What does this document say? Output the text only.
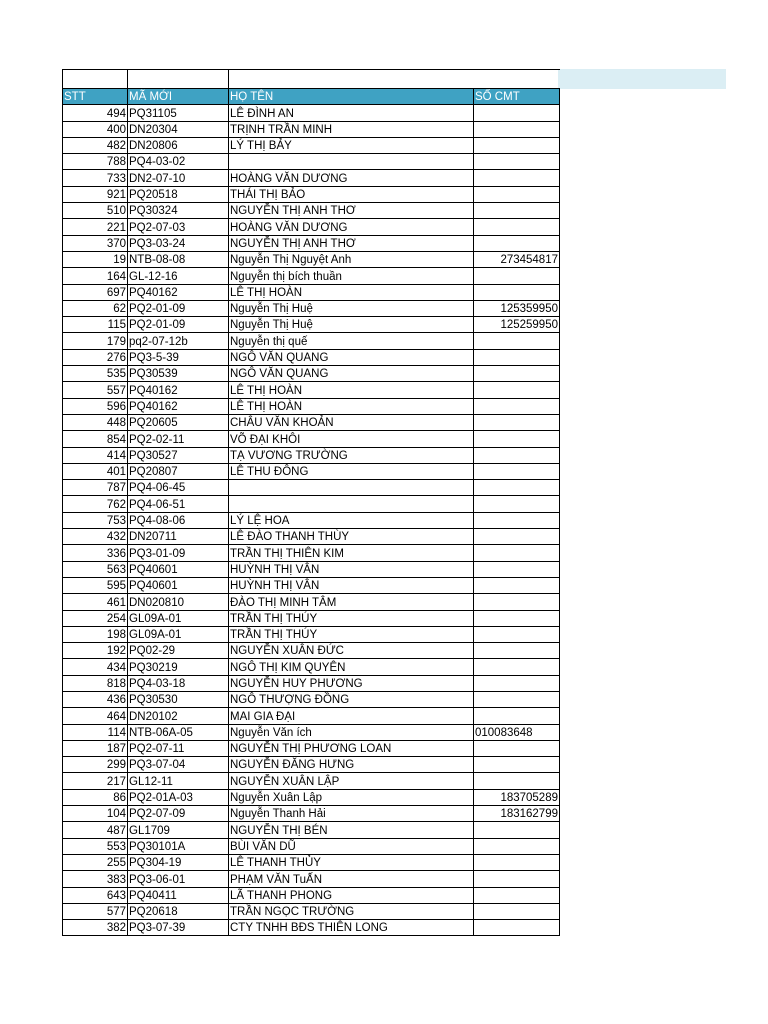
STT	MÃ MỚI	HỌ TÊN	SỐ CMT
494	PQ31105	LÊ ĐÌNH AN	
400	DN20304	TRỊNH TRẦN MINH	
482	DN20806	LÝ THỊ BẢY	
788	PQ4-03-02		
733	DN2-07-10	HOÀNG VĂN DƯƠNG	
921	PQ20518	THÁI THỊ BẢO	
510	PQ30324	NGUYỄN THỊ ANH THƠ	
221	PQ2-07-03	HOÀNG VĂN DƯƠNG	
370	PQ3-03-24	NGUYỄN THỊ ANH THƠ	
19	NTB-08-08	Nguyễn Thị Nguyệt Anh	273454817
164	GL-12-16	Nguyễn thị bích thuần	
697	PQ40162	LÊ THỊ HOÀN	
62	PQ2-01-09	Nguyễn Thị Huệ	125359950
115	PQ2-01-09	Nguyễn Thị Huệ	125259950
179	pq2-07-12b	Nguyễn thị quế	
276	PQ3-5-39	NGÔ VĂN QUANG	
535	PQ30539	NGÔ VĂN QUANG	
557	PQ40162	LÊ THỊ HOÀN	
596	PQ40162	LÊ THỊ HOÀN	
448	PQ20605	CHÂU VĂN KHOẢN	
854	PQ2-02-11	VÕ ĐẠI KHÔI	
414	PQ30527	TẠ VƯƠNG TRƯỜNG	
401	PQ20807	LÊ THU ĐÔNG	
787	PQ4-06-45		
762	PQ4-06-51		
753	PQ4-08-06	LÝ LỆ HOA	
432	DN20711	LÊ ĐÀO THANH THÙY	
336	PQ3-01-09	TRẦN THỊ THIÊN KIM	
563	PQ40601	HUỲNH THỊ VÂN	
595	PQ40601	HUỲNH THỊ VÂN	
461	DN020810	ĐÀO THỊ MINH TÂM	
254	GL09A-01	TRẦN THỊ THÚY	
198	GL09A-01	TRẦN THỊ THÚY	
192	PQ02-29	NGUYỄN XUÂN ĐỨC	
434	PQ30219	NGÔ THỊ KIM QUYÊN	
818	PQ4-03-18	NGUYỄN HUY PHƯƠNG	
436	PQ30530	NGÔ THƯỢNG ĐỒNG	
464	DN20102	MAI GIA ĐẠI	
114	NTB-06A-05	Nguyễn Văn ích	010083648
187	PQ2-07-11	NGUYỄN THỊ PHƯƠNG LOAN	
299	PQ3-07-04	NGUYỄN ĐĂNG HƯNG	
217	GL12-11	NGUYỄN XUÂN LẬP	
86	PQ2-01A-03	Nguyễn Xuân Lập	183705289
104	PQ2-07-09	Nguyễn Thanh Hải	183162799
487	GL1709	NGUYỄN THỊ BÉN	
553	PQ30101A	BÙI VĂN DŨ	
255	PQ304-19	LÊ THANH THỦY	
383	PQ3-06-01	PHẠM VĂN TuẤN	
643	PQ40411	LÃ THANH PHONG	
577	PQ20618	TRẦN NGỌC TRƯỜNG	
382	PQ3-07-39	CTY TNHH BĐS THIÊN LONG	
